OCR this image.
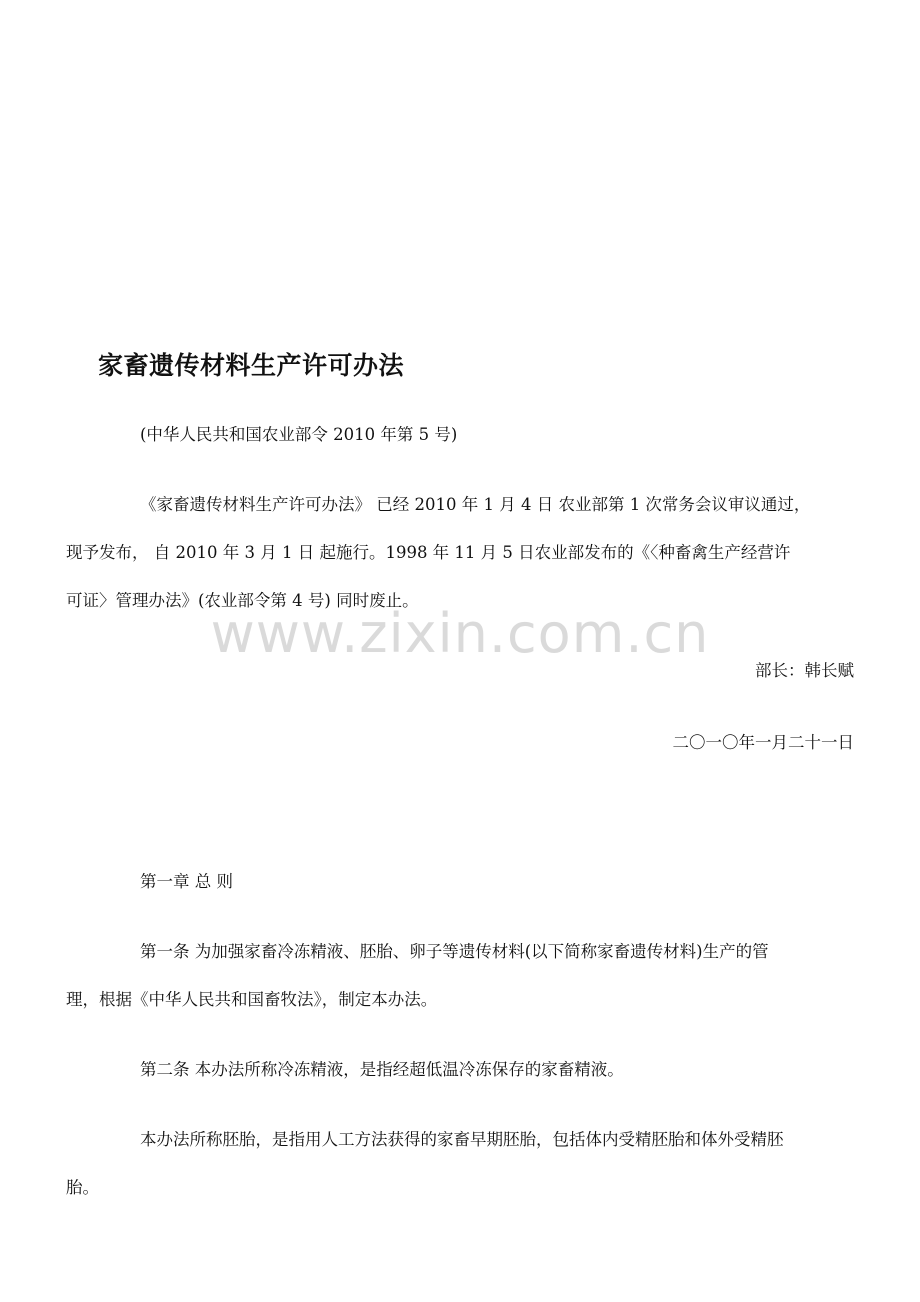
家畜遗传材料生产许可办法
(中华人民共和国农业部令 2010 年第 5 号)
《家畜遗传材料生产许可办法》 已经 2010 年 1 月 4 日 农业部第 1 次常务会议审议通过，
现予发布， 自 2010 年 3 月 1 日 起施行。1998 年 11 月 5 日农业部发布的《〈种畜禽生产经营许
可证〉管理办法》(农业部令第 4 号) 同时废止。
www.zixin.com.cn
部长：韩长赋
二〇一〇年一月二十一日
第一章 总 则
第一条 为加强家畜冷冻精液、胚胎、卵子等遗传材料(以下简称家畜遗传材料)生产的管
理，根据《中华人民共和国畜牧法》，制定本办法。
第二条 本办法所称冷冻精液，是指经超低温冷冻保存的家畜精液。
本办法所称胚胎，是指用人工方法获得的家畜早期胚胎，包括体内受精胚胎和体外受精胚
胎。
